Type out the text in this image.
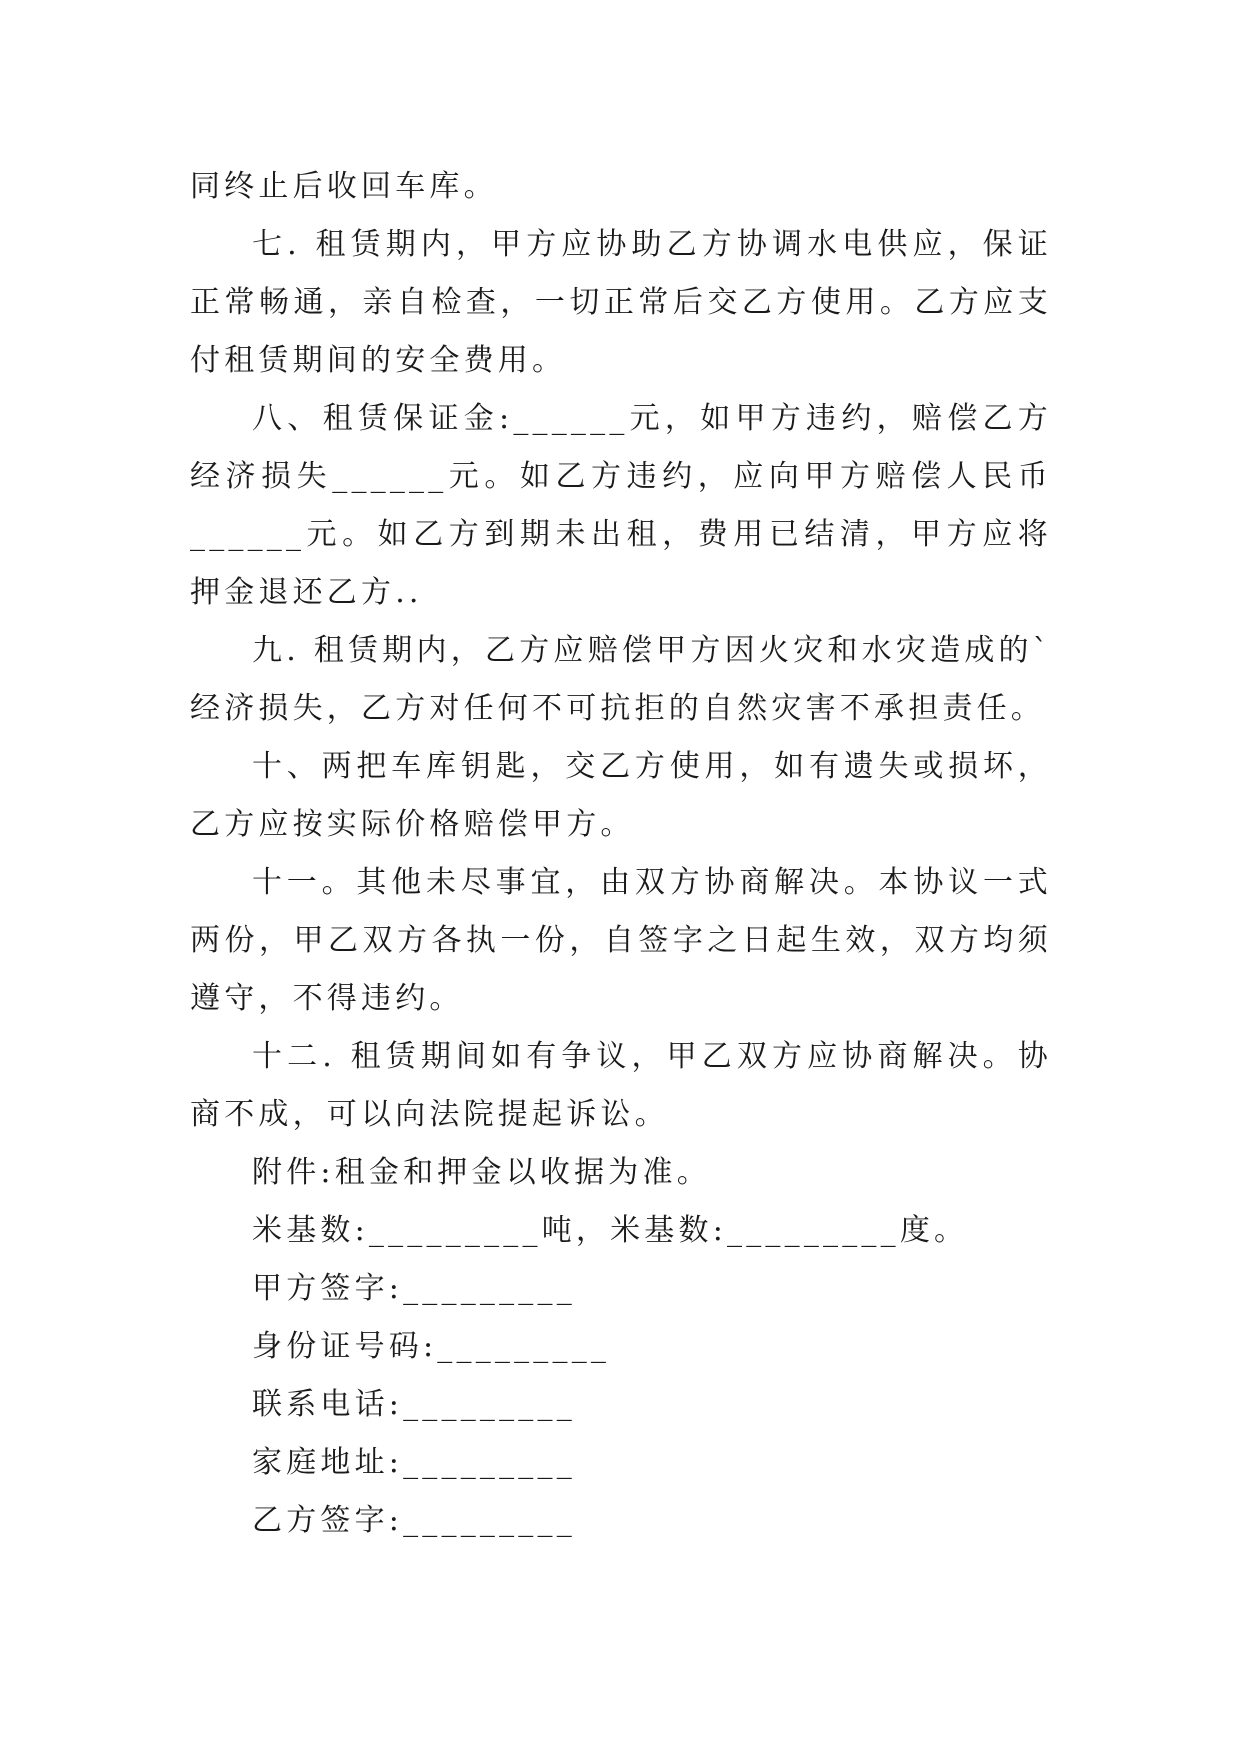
同终止后收回车库。

七. 租赁期内，甲方应协助乙方协调水电供应，保证正常畅通，亲自检查，一切正常后交乙方使用。乙方应支付租赁期间的安全费用。

八、租赁保证金:______元，如甲方违约，赔偿乙方经济损失______元。如乙方违约，应向甲方赔偿人民币______元。如乙方到期未出租，费用已结清，甲方应将押金退还乙方..

九. 租赁期内，乙方应赔偿甲方因火灾和水灾造成的`经济损失，乙方对任何不可抗拒的自然灾害不承担责任。

十、两把车库钥匙，交乙方使用，如有遗失或损坏，乙方应按实际价格赔偿甲方。

十一。其他未尽事宜，由双方协商解决。本协议一式两份，甲乙双方各执一份，自签字之日起生效，双方均须遵守，不得违约。

十二. 租赁期间如有争议，甲乙双方应协商解决。协商不成，可以向法院提起诉讼。

附件:租金和押金以收据为准。

米基数:_________吨，米基数:_________度。

甲方签字:_________

身份证号码:_________

联系电话:_________

家庭地址:_________

乙方签字:_________
